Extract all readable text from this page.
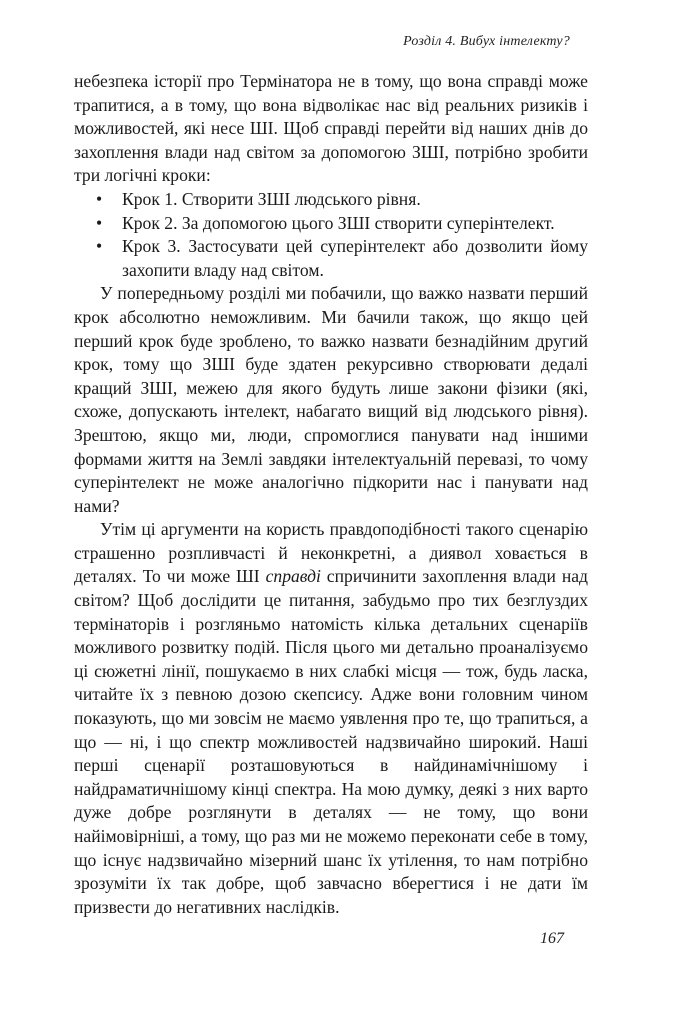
Розділ 4. Вибух інтелекту?

небезпека історії про Термінатора не в тому, що вона справді може трапитися, а в тому, що вона відволікає нас від реальних ризиків і можливостей, які несе ШІ. Щоб справді перейти від наших днів до захоплення влади над світом за допомогою ЗШІ, потрібно зробити три логічні кроки:

• Крок 1. Створити ЗШІ людського рівня.
• Крок 2. За допомогою цього ЗШІ створити суперінтелект.
• Крок 3. Застосувати цей суперінтелект або дозволити йому захопити владу над світом.

У попередньому розділі ми побачили, що важко назвати перший крок абсолютно неможливим. Ми бачили також, що якщо цей перший крок буде зроблено, то важко назвати безнадійним другий крок, тому що ЗШІ буде здатен рекурсивно створювати дедалі кращий ЗШІ, межею для якого будуть лише закони фізики (які, схоже, допускають інтелект, набагато вищий від людського рівня). Зрештою, якщо ми, люди, спромоглися панувати над іншими формами життя на Землі завдяки інтелектуальній перевазі, то чому суперінтелект не може аналогічно підкорити нас і панувати над нами?

Утім ці аргументи на користь правдоподібності такого сценарію страшенно розпливчасті й неконкретні, а диявол ховається в деталях. То чи може ШІ справді спричинити захоплення влади над світом? Щоб дослідити це питання, забудьмо про тих безглуздих термінаторів і розгляньмо натомість кілька детальних сценаріїв можливого розвитку подій. Після цього ми детально проаналізуємо ці сюжетні лінії, пошукаємо в них слабкі місця — тож, будь ласка, читайте їх з певною дозою скепсису. Адже вони головним чином показують, що ми зовсім не маємо уявлення про те, що трапиться, а що — ні, і що спектр можливостей надзвичайно широкий. Наші перші сценарії розташовуються в найдинамічнішому і найдраматичнішому кінці спектра. На мою думку, деякі з них варто дуже добре розглянути в деталях — не тому, що вони найімовірніші, а тому, що раз ми не можемо переконати себе в тому, що існує надзвичайно мізерний шанс їх утілення, то нам потрібно зрозуміти їх так добре, щоб завчасно вберегтися і не дати їм призвести до негативних наслідків.

167
